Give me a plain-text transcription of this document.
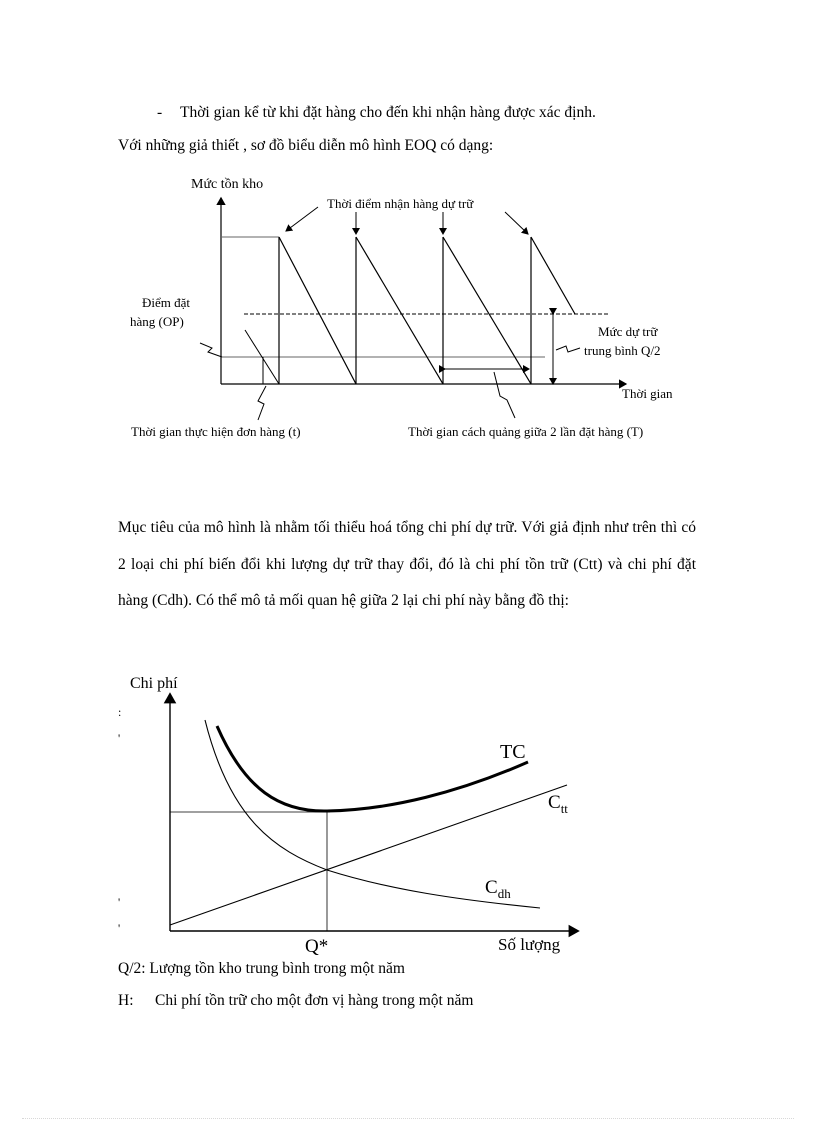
- Thời gian kể từ khi đặt hàng cho đến khi nhận hàng được xác định.
Với những giả thiết , sơ đồ biểu diễn mô hình EOQ có dạng:
Mức tồn kho
Thời gian
Thời điểm nhận hàng dự trữ
Điểm đặt
hàng (OP)
Mức dự trữ
trung bình Q/2
Thời gian thực hiện đơn hàng (t)	Thời gian cách quảng giữa 2 lần đặt hàng (T)
Mục tiêu của mô hình là nhằm tối thiểu hoá tổng chi phí dự trữ. Với giả định như trên thì có 2 loại chi phí biến đổi khi lượng dự trữ thay đổi, đó là chi phí tồn trữ (Ctt) và chi phí đặt hàng (Cdh). Có thể mô tả mối quan hệ giữa 2 lại chi phí này bằng đồ thị:
:
'
'
'
Chi phí
Số lượng
TC
$C_{tt}$
$C_{dh}$
Q*
Q/2: Lượng tồn kho trung bình trong một năm
H: Chi phí tồn trữ cho một đơn vị hàng trong một năm
